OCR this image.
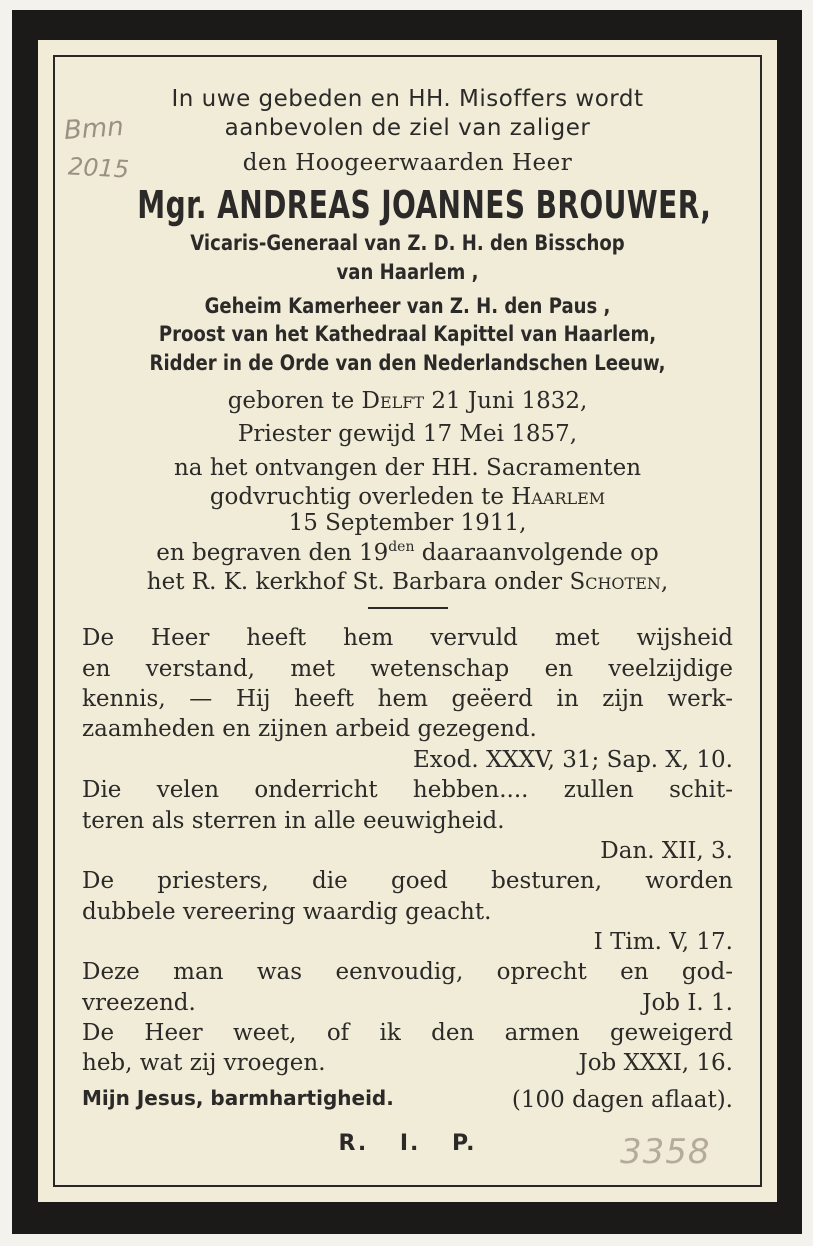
In uwe gebeden en HH. Misoffers wordt

aanbevolen de ziel van zaliger

den Hoogeerwaarden Heer

Mgr. ANDREAS JOANNES BROUWER,
Vicaris-Generaal van Z. D. H. den Bisschop
van Haarlem ,
Geheim Kamerheer van Z. H. den Paus ,
Proost van het Kathedraal Kapittel van Haarlem,
Ridder in de Orde van den Nederlandschen Leeuw,
geboren te Delft 21 Juni 1832,
Priester gewijd 17 Mei 1857,
na het ontvangen der HH. Sacramenten
godvruchtig overleden te Haarlem
15 September 1911,
en begraven den $19^{den}$ daaraanvolgende op
het R. K. kerkhof St. Barbara onder Schoten,
De Heer heeft hem vervuld met wijsheid
en verstand, met wetenschap en veelzijdige
kennis, — Hij heeft hem geëerd in zijn werk-
zaamheden en zijnen arbeid gezegend.
Exod. XXXV, 31; Sap. X, 10.
Die velen onderricht hebben.... zullen schit-
teren als sterren in alle eeuwigheid.
Dan. XII, 3.
De priesters, die goed besturen, worden
dubbele vereering waardig geacht.
I Tim. V, 17.
Deze man was eenvoudig, oprecht en god-
vreezend.	Job I. 1.
De Heer weet, of ik den armen geweigerd
heb, wat zij vroegen.	Job XXXI, 16.
Mijn Jesus, barmhartigheid.	(100 dagen aflaat).
R. I. P.
Bmn
2015
3358
